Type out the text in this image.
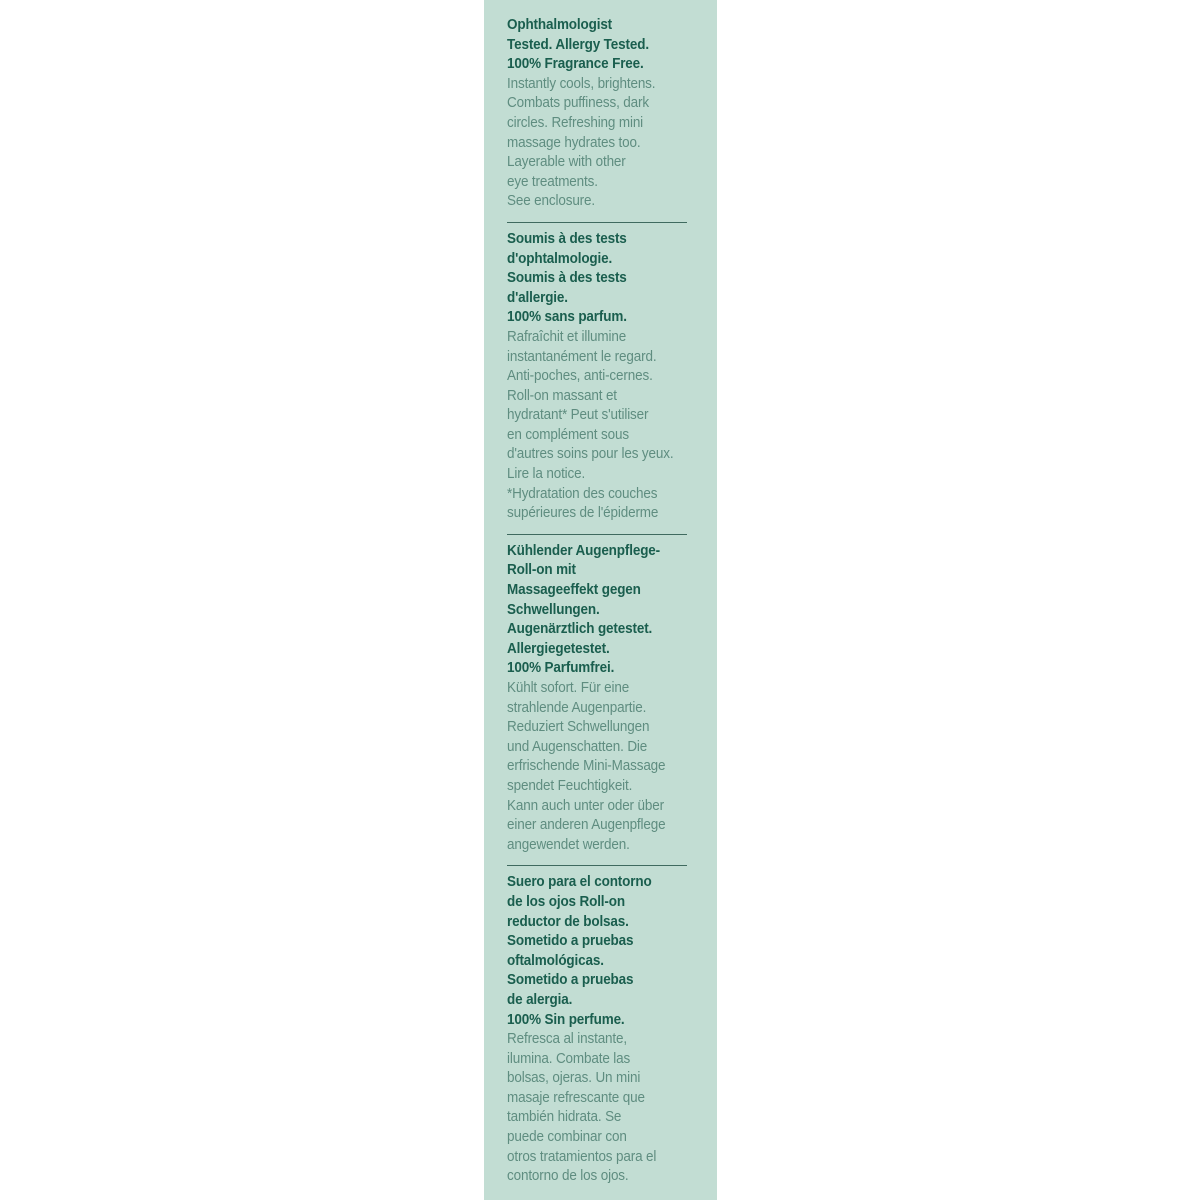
Ophthalmologist
Tested. Allergy Tested.
100% Fragrance Free.
Instantly cools, brightens.
Combats puffiness, dark
circles. Refreshing mini
massage hydrates too.
Layerable with other
eye treatments.
See enclosure.
Soumis à des tests
d'ophtalmologie.
Soumis à des tests
d'allergie.
100% sans parfum.
Rafraîchit et illumine
instantanément le regard.
Anti-poches, anti-cernes.
Roll-on massant et
hydratant* Peut s'utiliser
en complément sous
d'autres soins pour les yeux.
Lire la notice.
*Hydratation des couches
supérieures de l'épiderme
Kühlender Augenpflege-
Roll-on mit
Massageeffekt gegen
Schwellungen.
Augenärztlich getestet.
Allergiegetestet.
100% Parfumfrei.
Kühlt sofort. Für eine
strahlende Augenpartie.
Reduziert Schwellungen
und Augenschatten. Die
erfrischende Mini-Massage
spendet Feuchtigkeit.
Kann auch unter oder über
einer anderen Augenpflege
angewendet werden.
Suero para el contorno
de los ojos Roll-on
reductor de bolsas.
Sometido a pruebas
oftalmológicas.
Sometido a pruebas
de alergia.
100% Sin perfume.
Refresca al instante,
ilumina. Combate las
bolsas, ojeras. Un mini
masaje refrescante que
también hidrata. Se
puede combinar con
otros tratamientos para el
contorno de los ojos.
